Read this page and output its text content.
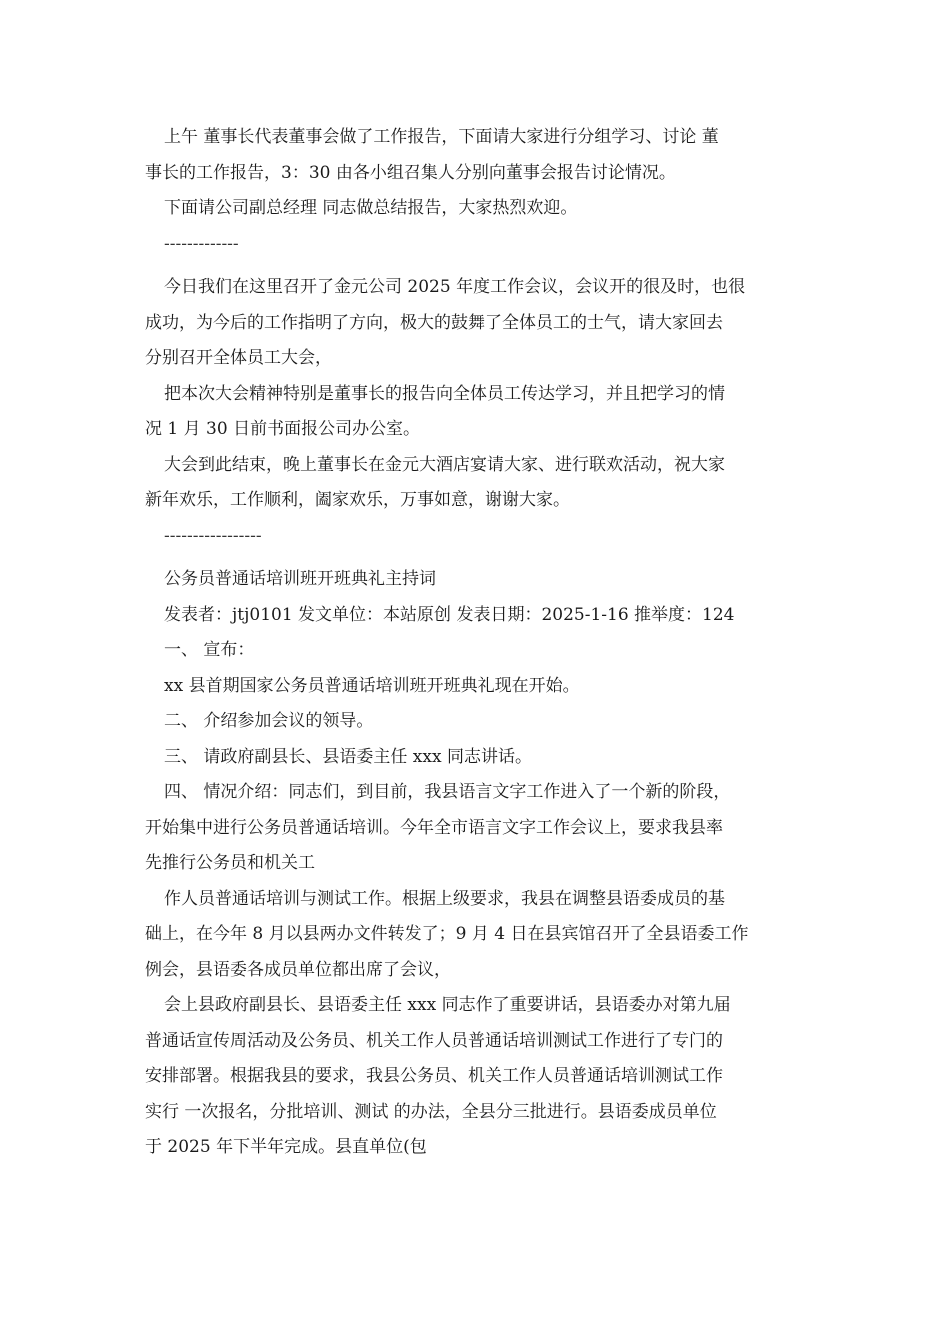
上午 董事长代表董事会做了工作报告，下面请大家进行分组学习、讨论 董
事长的工作报告，3：30 由各小组召集人分别向董事会报告讨论情况。
下面请公司副总经理 同志做总结报告，大家热烈欢迎。
-------------
今日我们在这里召开了金元公司 2025 年度工作会议，会议开的很及时，也很
成功，为今后的工作指明了方向，极大的鼓舞了全体员工的士气，请大家回去
分别召开全体员工大会，
把本次大会精神特别是董事长的报告向全体员工传达学习，并且把学习的情
况 1 月 30 日前书面报公司办公室。
大会到此结束，晚上董事长在金元大酒店宴请大家、进行联欢活动，祝大家
新年欢乐，工作顺利，阖家欢乐，万事如意，谢谢大家。
-----------------
公务员普通话培训班开班典礼主持词
发表者：jtj0101 发文单位：本站原创 发表日期：2025-1-16 推举度：124
一、 宣布：
xx 县首期国家公务员普通话培训班开班典礼现在开始。
二、 介绍参加会议的领导。
三、 请政府副县长、县语委主任 xxx 同志讲话。
四、 情况介绍：同志们，到目前，我县语言文字工作进入了一个新的阶段，
开始集中进行公务员普通话培训。今年全市语言文字工作会议上，要求我县率
先推行公务员和机关工
作人员普通话培训与测试工作。根据上级要求，我县在调整县语委成员的基
础上，在今年 8 月以县两办文件转发了；9 月 4 日在县宾馆召开了全县语委工作
例会，县语委各成员单位都出席了会议，
会上县政府副县长、县语委主任 xxx 同志作了重要讲话，县语委办对第九届
普通话宣传周活动及公务员、机关工作人员普通话培训测试工作进行了专门的
安排部署。根据我县的要求，我县公务员、机关工作人员普通话培训测试工作
实行 一次报名，分批培训、测试 的办法，全县分三批进行。县语委成员单位
于 2025 年下半年完成。县直单位(包
